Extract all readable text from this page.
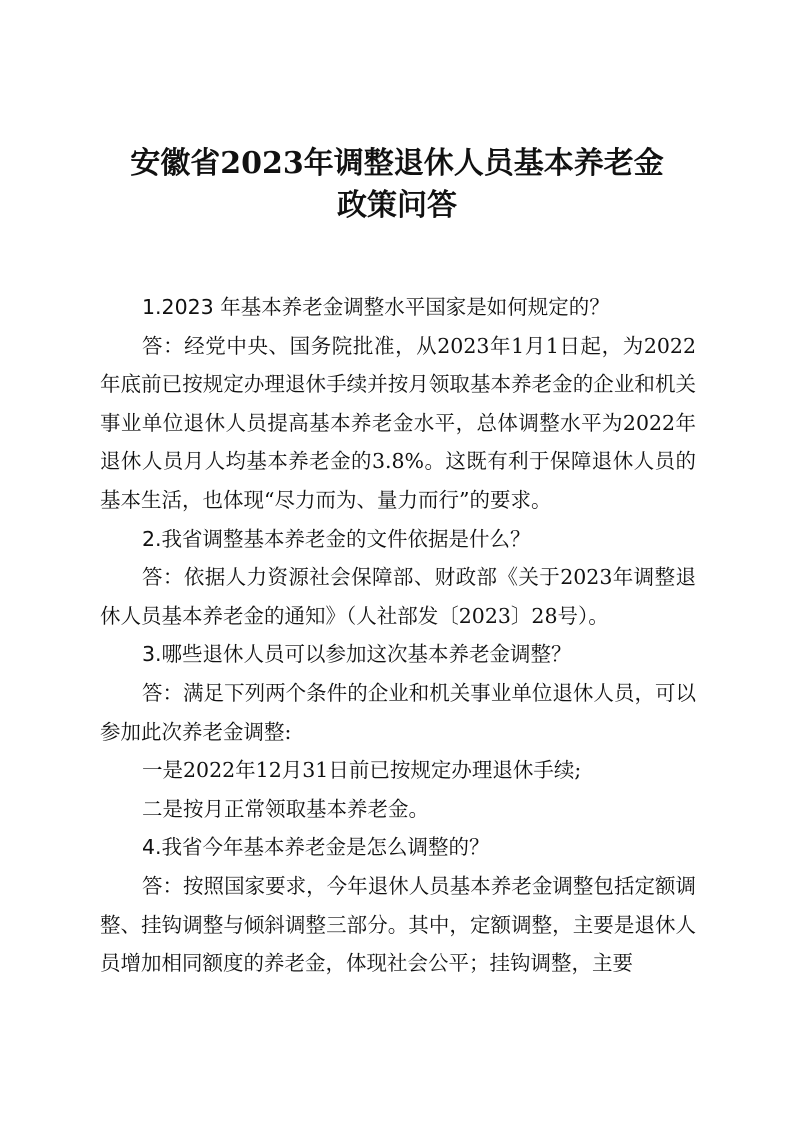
安徽省2023年调整退休人员基本养老金
政策问答

1.2023 年基本养老金调整水平国家是如何规定的？

答：经党中央、国务院批准，从2023年1月1日起，为2022年底前已按规定办理退休手续并按月领取基本养老金的企业和机关事业单位退休人员提高基本养老金水平，总体调整水平为2022年退休人员月人均基本养老金的3.8%。这既有利于保障退休人员的基本生活，也体现“尽力而为、量力而行”的要求。

2.我省调整基本养老金的文件依据是什么？

答：依据人力资源社会保障部、财政部《关于2023年调整退休人员基本养老金的通知》（人社部发〔2023〕28号）。

3.哪些退休人员可以参加这次基本养老金调整？

答：满足下列两个条件的企业和机关事业单位退休人员，可以参加此次养老金调整:

一是2022年12月31日前已按规定办理退休手续;

二是按月正常领取基本养老金。

4.我省今年基本养老金是怎么调整的？

答：按照国家要求，今年退休人员基本养老金调整包括定额调整、挂钩调整与倾斜调整三部分。其中，定额调整，主要是退休人员增加相同额度的养老金，体现社会公平；挂钩调整，主要
